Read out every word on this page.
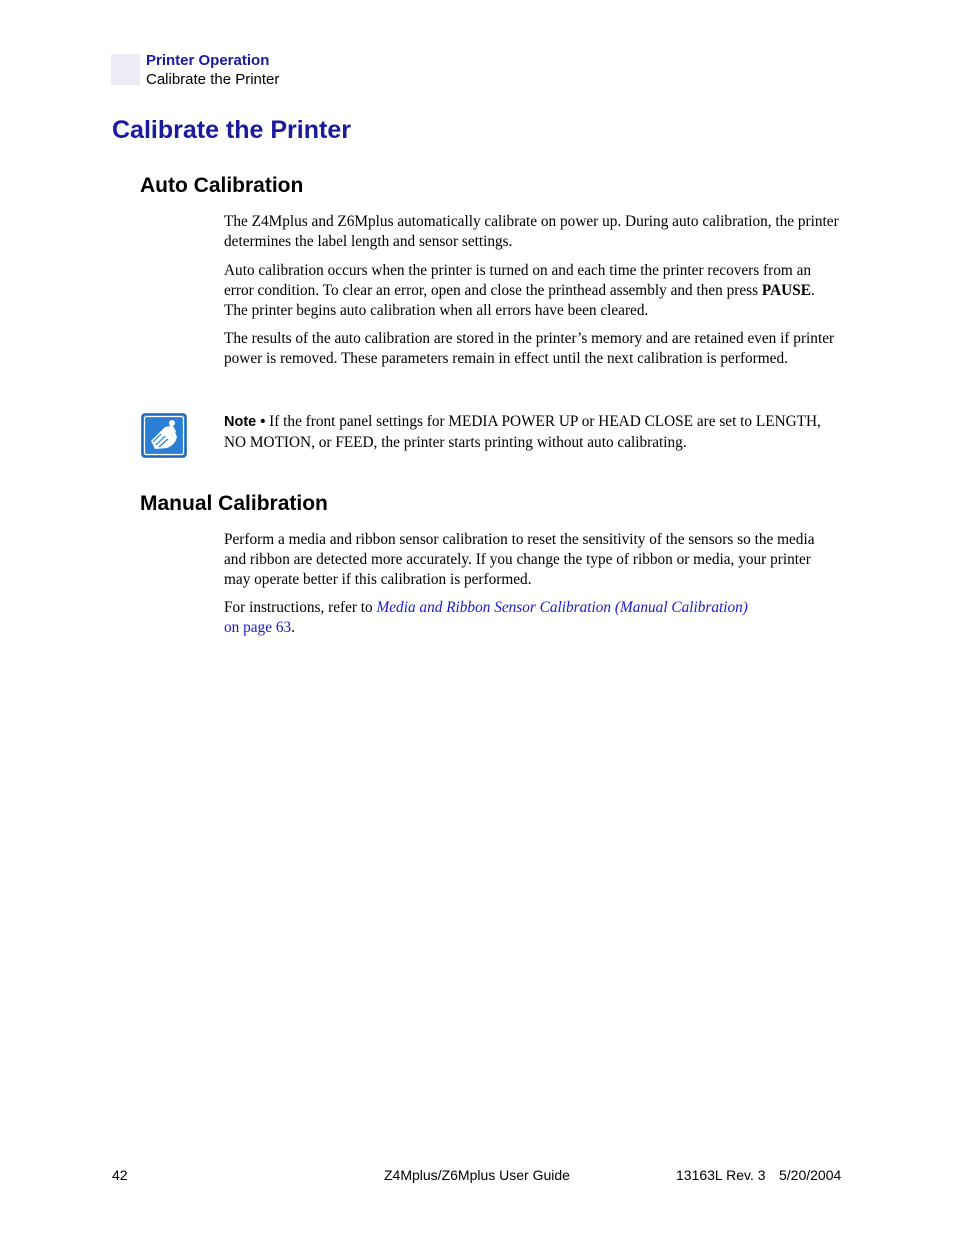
Printer Operation
Calibrate the Printer
Calibrate the Printer
Auto Calibration

The Z4Mplus and Z6Mplus automatically calibrate on power up. During auto calibration, the printer determines the label length and sensor settings.

Auto calibration occurs when the printer is turned on and each time the printer recovers from an error condition. To clear an error, open and close the printhead assembly and then press PAUSE. The printer begins auto calibration when all errors have been cleared.

The results of the auto calibration are stored in the printer’s memory and are retained even if printer power is removed. These parameters remain in effect until the next calibration is performed.

Note • If the front panel settings for MEDIA POWER UP or HEAD CLOSE are set to LENGTH, NO MOTION, or FEED, the printer starts printing without auto calibrating.

Manual Calibration

Perform a media and ribbon sensor calibration to reset the sensitivity of the sensors so the media and ribbon are detected more accurately. If you change the type of ribbon or media, your printer may operate better if this calibration is performed.

For instructions, refer to Media and Ribbon Sensor Calibration (Manual Calibration)
on page 63.

42	Z4Mplus/Z6Mplus User Guide	13163L Rev. 3 5/20/2004
